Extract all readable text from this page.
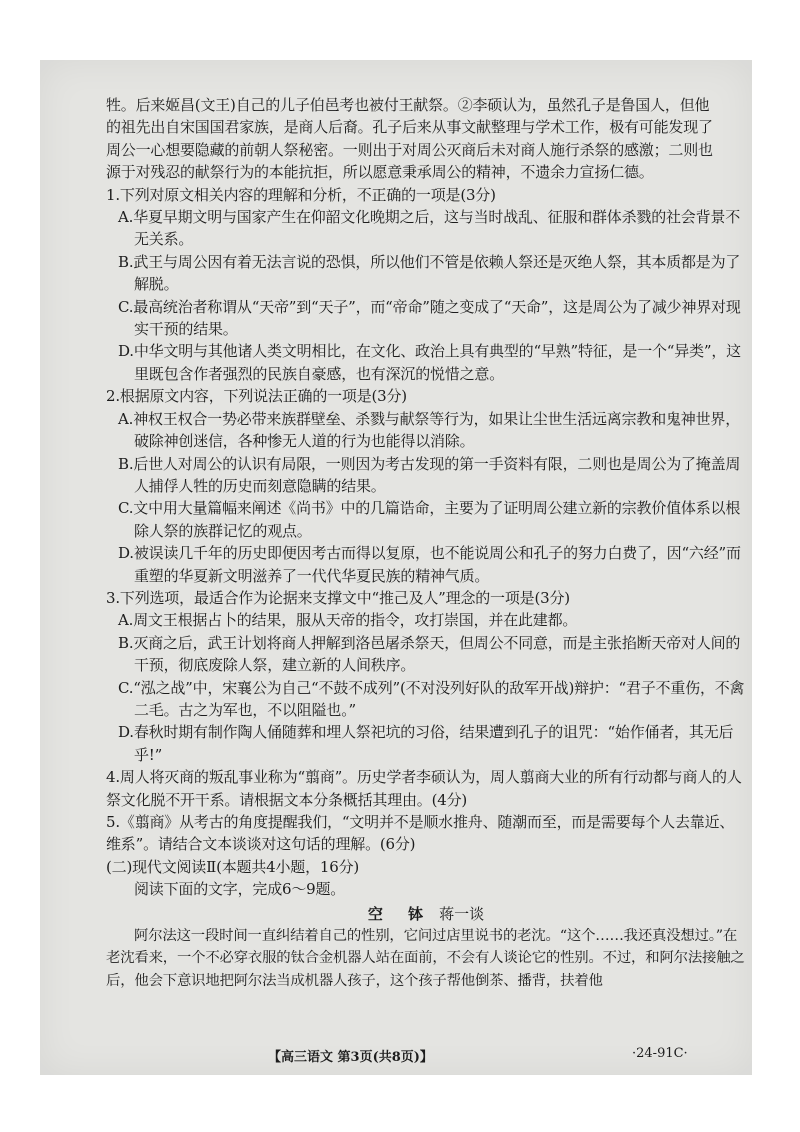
牲。后来姬昌(文王)自己的儿子伯邑考也被付王献祭。②李硕认为，虽然孔子是鲁国人，但他

的祖先出自宋国国君家族，是商人后裔。孔子后来从事文献整理与学术工作，极有可能发现了

周公一心想要隐藏的前朝人祭秘密。一则出于对周公灭商后未对商人施行杀祭的感激；二则也

源于对残忍的献祭行为的本能抗拒，所以愿意秉承周公的精神，不遗余力宣扬仁德。

1.下列对原文相关内容的理解和分析，不正确的一项是(3分)

A.华夏早期文明与国家产生在仰韶文化晚期之后，这与当时战乱、征服和群体杀戮的社会背景不无关系。

B.武王与周公因有着无法言说的恐惧，所以他们不管是依赖人祭还是灭绝人祭，其本质都是为了解脱。

C.最高统治者称谓从“天帝”到“天子”，而“帝命”随之变成了“天命”，这是周公为了减少神界对现实干预的结果。

D.中华文明与其他诸人类文明相比，在文化、政治上具有典型的“早熟”特征，是一个“异类”，这里既包含作者强烈的民族自豪感，也有深沉的悦惜之意。

2.根据原文内容，下列说法正确的一项是(3分)

A.神权王权合一势必带来族群壁垒、杀戮与献祭等行为，如果让尘世生活远离宗教和鬼神世界，破除神创迷信，各种惨无人道的行为也能得以消除。

B.后世人对周公的认识有局限，一则因为考古发现的第一手资料有限，二则也是周公为了掩盖周人捕俘人牲的历史而刻意隐瞒的结果。

C.文中用大量篇幅来阐述《尚书》中的几篇诰命，主要为了证明周公建立新的宗教价值体系以根除人祭的族群记忆的观点。

D.被误读几千年的历史即便因考古而得以复原，也不能说周公和孔子的努力白费了，因“六经”而重塑的华夏新文明滋养了一代代华夏民族的精神气质。

3.下列选项，最适合作为论据来支撑文中“推己及人”理念的一项是(3分)

A.周文王根据占卜的结果，服从天帝的指令，攻打崇国，并在此建都。

B.灭商之后，武王计划将商人押解到洛邑屠杀祭天，但周公不同意，而是主张掐断天帝对人间的干预，彻底废除人祭，建立新的人间秩序。

C.“泓之战”中，宋襄公为自己“不鼓不成列”(不对没列好队的敌军开战)辩护：“君子不重伤，不禽二毛。古之为军也，不以阻隘也。”

D.春秋时期有制作陶人俑随葬和埋人祭祀坑的习俗，结果遭到孔子的诅咒：“始作俑者，其无后乎!”

4.周人将灭商的叛乱事业称为“翦商”。历史学者李硕认为，周人翦商大业的所有行动都与商人的人祭文化脱不开干系。请根据文本分条概括其理由。(4分)

5.《翦商》从考古的角度提醒我们，“文明并不是顺水推舟、随潮而至，而是需要每个人去靠近、维系”。请结合文本谈谈对这句话的理解。(6分)

(二)现代文阅读Ⅱ(本题共4小题，16分)

阅读下面的文字，完成6～9题。

空 钵 蒋一谈

阿尔法这一段时间一直纠结着自己的性别，它问过店里说书的老沈。“这个……我还真没想过。”在老沈看来，一个不必穿衣服的钛合金机器人站在面前，不会有人谈论它的性别。不过，和阿尔法接触之后，他会下意识地把阿尔法当成机器人孩子，这个孩子帮他倒茶、播背，扶着他

【高三语文 第3页(共8页)】	·24-91C·
